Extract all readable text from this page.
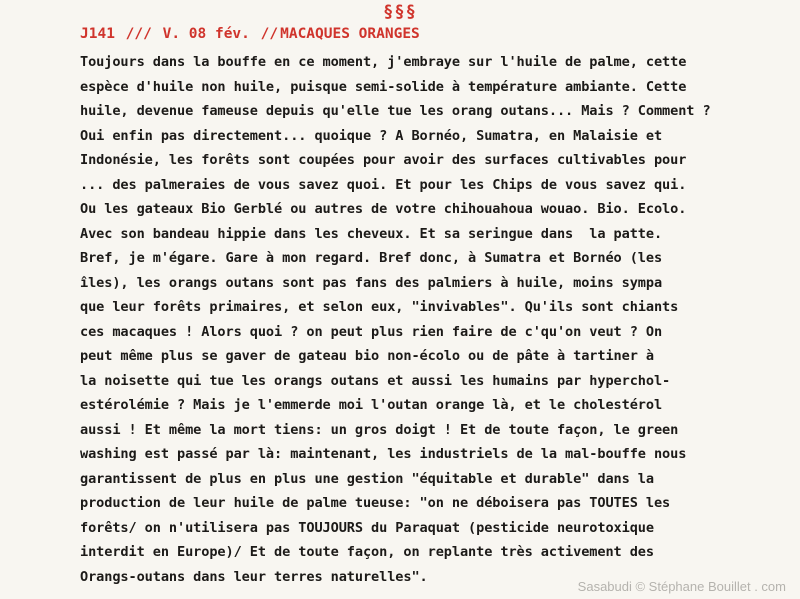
§§§
J141 /// V. 08 fév. // MACAQUES ORANGES
Toujours dans la bouffe en ce moment, j'embraye sur l'huile de palme, cette
espèce d'huile non huile, puisque semi-solide à température ambiante. Cette
huile, devenue fameuse depuis qu'elle tue les orang outans... Mais ? Comment ?
Oui enfin pas directement... quoique ? A Bornéo, Sumatra, en Malaisie et
Indonésie, les forêts sont coupées pour avoir des surfaces cultivables pour
... des palmeraies de vous savez quoi. Et pour les Chips de vous savez qui.
Ou les gateaux Bio Gerblé ou autres de votre chihouahoua wouao. Bio. Ecolo.
Avec son bandeau hippie dans les cheveux. Et sa seringue dans  la patte.
Bref, je m'égare. Gare à mon regard. Bref donc, à Sumatra et Bornéo (les
îles), les orangs outans sont pas fans des palmiers à huile, moins sympa
que leur forêts primaires, et selon eux, "invivables". Qu'ils sont chiants
ces macaques ! Alors quoi ? on peut plus rien faire de c'qu'on veut ? On
peut même plus se gaver de gateau bio non-écolo ou de pâte à tartiner à
la noisette qui tue les orangs outans et aussi les humains par hyperchol-
estérolémie ? Mais je l'emmerde moi l'outan orange là, et le cholestérol
aussi ! Et même la mort tiens: un gros doigt ! Et de toute façon, le green
washing est passé par là: maintenant, les industriels de la mal-bouffe nous
garantissent de plus en plus une gestion "équitable et durable" dans la
production de leur huile de palme tueuse: "on ne déboisera pas TOUTES les
forêts/ on n'utilisera pas TOUJOURS du Paraquat (pesticide neurotoxique
interdit en Europe)/ Et de toute façon, on replante très activement des
Orangs-outans dans leur terres naturelles".
Sasabudi © Stéphane Bouillet . com
